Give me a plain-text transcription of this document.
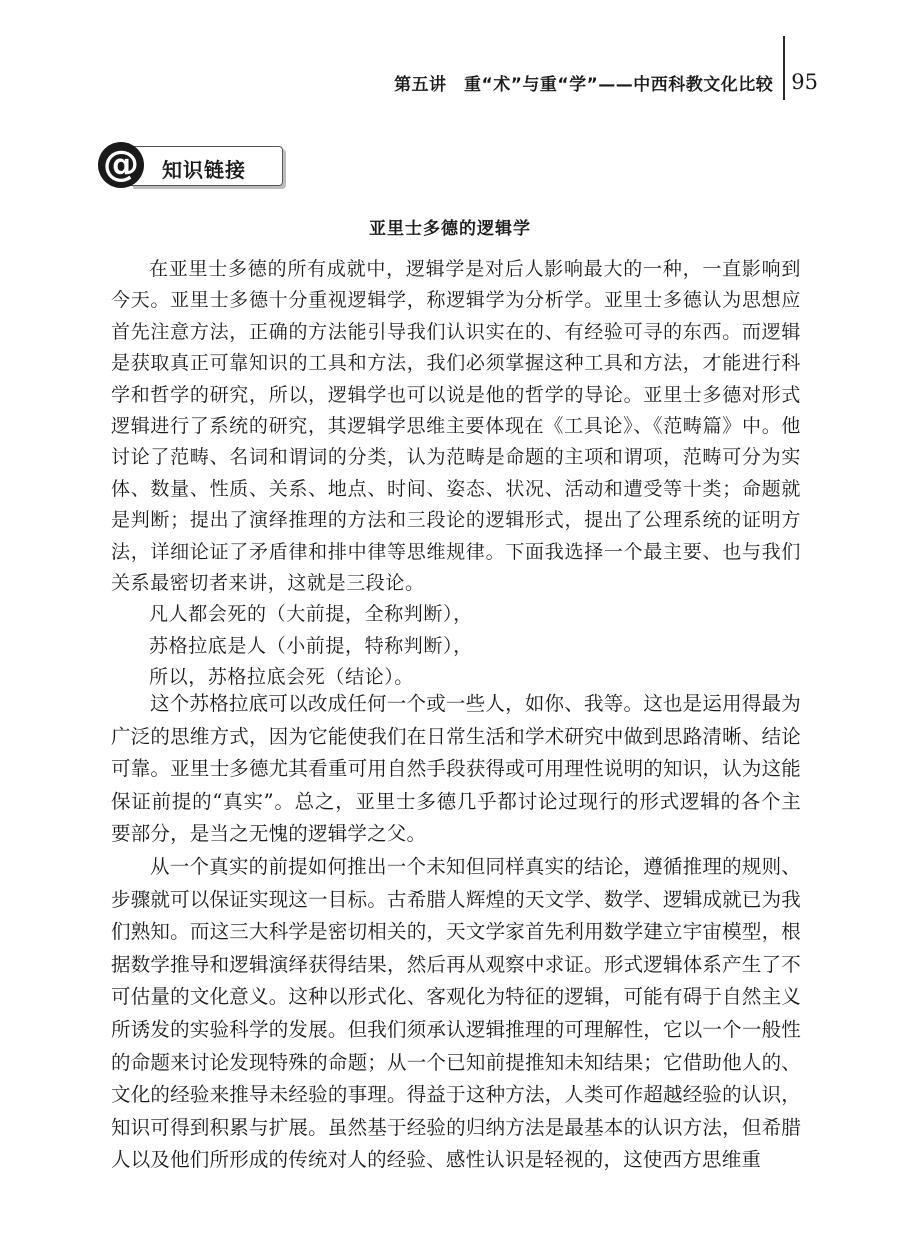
第五讲　重“术”与重“学”——中西科教文化比较 95
@ 知识链接
亚里士多德的逻辑学

在亚里士多德的所有成就中，逻辑学是对后人影响最大的一种，一直影响到今天。亚里士多德十分重视逻辑学，称逻辑学为分析学。亚里士多德认为思想应首先注意方法，正确的方法能引导我们认识实在的、有经验可寻的东西。而逻辑是获取真正可靠知识的工具和方法，我们必须掌握这种工具和方法，才能进行科学和哲学的研究，所以，逻辑学也可以说是他的哲学的导论。亚里士多德对形式逻辑进行了系统的研究，其逻辑学思维主要体现在《工具论》、《范畴篇》中。他讨论了范畴、名词和谓词的分类，认为范畴是命题的主项和谓项，范畴可分为实体、数量、性质、关系、地点、时间、姿态、状况、活动和遭受等十类；命题就是判断；提出了演绎推理的方法和三段论的逻辑形式，提出了公理系统的证明方法，详细论证了矛盾律和排中律等思维规律。下面我选择一个最主要、也与我们关系最密切者来讲，这就是三段论。

凡人都会死的（大前提，全称判断），

苏格拉底是人（小前提，特称判断），

所以，苏格拉底会死（结论）。

这个苏格拉底可以改成任何一个或一些人，如你、我等。这也是运用得最为广泛的思维方式，因为它能使我们在日常生活和学术研究中做到思路清晰、结论可靠。亚里士多德尤其看重可用自然手段获得或可用理性说明的知识，认为这能保证前提的“真实”。总之，亚里士多德几乎都讨论过现行的形式逻辑的各个主要部分，是当之无愧的逻辑学之父。

从一个真实的前提如何推出一个未知但同样真实的结论，遵循推理的规则、步骤就可以保证实现这一目标。古希腊人辉煌的天文学、数学、逻辑成就已为我们熟知。而这三大科学是密切相关的，天文学家首先利用数学建立宇宙模型，根据数学推导和逻辑演绎获得结果，然后再从观察中求证。形式逻辑体系产生了不可估量的文化意义。这种以形式化、客观化为特征的逻辑，可能有碍于自然主义所诱发的实验科学的发展。但我们须承认逻辑推理的可理解性，它以一个一般性的命题来讨论发现特殊的命题；从一个已知前提推知未知结果；它借助他人的、文化的经验来推导未经验的事理。得益于这种方法，人类可作超越经验的认识，知识可得到积累与扩展。虽然基于经验的归纳方法是最基本的认识方法，但希腊人以及他们所形成的传统对人的经验、感性认识是轻视的，这使西方思维重
